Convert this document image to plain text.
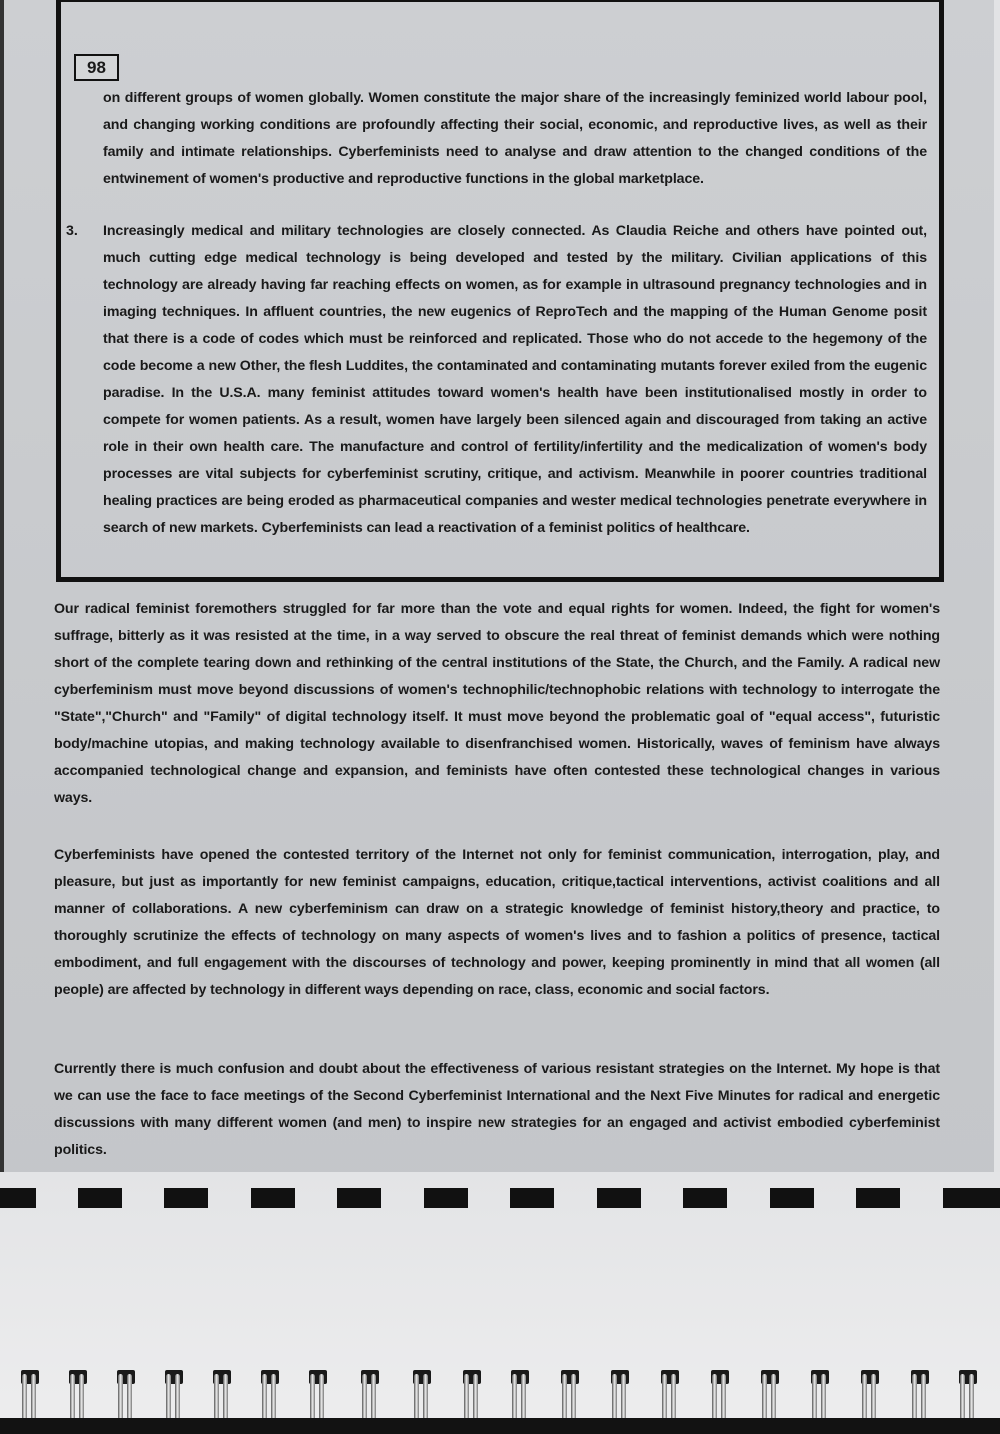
98

on different groups of women globally. Women constitute the major share of the increasingly feminized world labour pool, and changing working conditions are profoundly affecting their social, economic, and reproductive lives, as well as their family and intimate relationships. Cyberfeminists need to analyse and draw attention to the changed conditions of the entwinement of women's productive and reproductive functions in the global marketplace.

3. Increasingly medical and military technologies are closely connected. As Claudia Reiche and others have pointed out, much cutting edge medical technology is being developed and tested by the military. Civilian applications of this technology are already having far reaching effects on women, as for example in ultrasound pregnancy technologies and in imaging techniques. In affluent countries, the new eugenics of ReproTech and the mapping of the Human Genome posit that there is a code of codes which must be reinforced and replicated. Those who do not accede to the hegemony of the code become a new Other, the flesh Luddites, the contaminated and contaminating mutants forever exiled from the eugenic paradise. In the U.S.A. many feminist attitudes toward women's health have been institutionalised mostly in order to compete for women patients. As a result, women have largely been silenced again and discouraged from taking an active role in their own health care. The manufacture and control of fertility/infertility and the medicalization of women's body processes are vital subjects for cyberfeminist scrutiny, critique, and activism. Meanwhile in poorer countries traditional healing practices are being eroded as pharmaceutical companies and wester medical technologies penetrate everywhere in search of new markets. Cyberfeminists can lead a reactivation of a feminist politics of healthcare.

Our radical feminist foremothers struggled for far more than the vote and equal rights for women. Indeed, the fight for women's suffrage, bitterly as it was resisted at the time, in a way served to obscure the real threat of feminist demands which were nothing short of the complete tearing down and rethinking of the central institutions of the State, the Church, and the Family. A radical new cyberfeminism must move beyond discussions of women's technophilic/technophobic relations with technology to interrogate the "State","Church" and "Family" of digital technology itself. It must move beyond the problematic goal of "equal access", futuristic body/machine utopias, and making technology available to disenfranchised women. Historically, waves of feminism have always accompanied technological change and expansion, and feminists have often contested these technological changes in various ways.

Cyberfeminists have opened the contested territory of the Internet not only for feminist communication, interrogation, play, and pleasure, but just as importantly for new feminist campaigns, education, critique,tactical interventions, activist coalitions and all manner of collaborations. A new cyberfeminism can draw on a strategic knowledge of feminist history,theory and practice, to thoroughly scrutinize the effects of technology on many aspects of women's lives and to fashion a politics of presence, tactical embodiment, and full engagement with the discourses of technology and power, keeping prominently in mind that all women (all people) are affected by technology in different ways depending on race, class, economic and social factors.

Currently there is much confusion and doubt about the effectiveness of various resistant strategies on the Internet. My hope is that we can use the face to face meetings of the Second Cyberfeminist International and the Next Five Minutes for radical and energetic discussions with many different women (and men) to inspire new strategies for an engaged and activist embodied cyberfeminist politics.
